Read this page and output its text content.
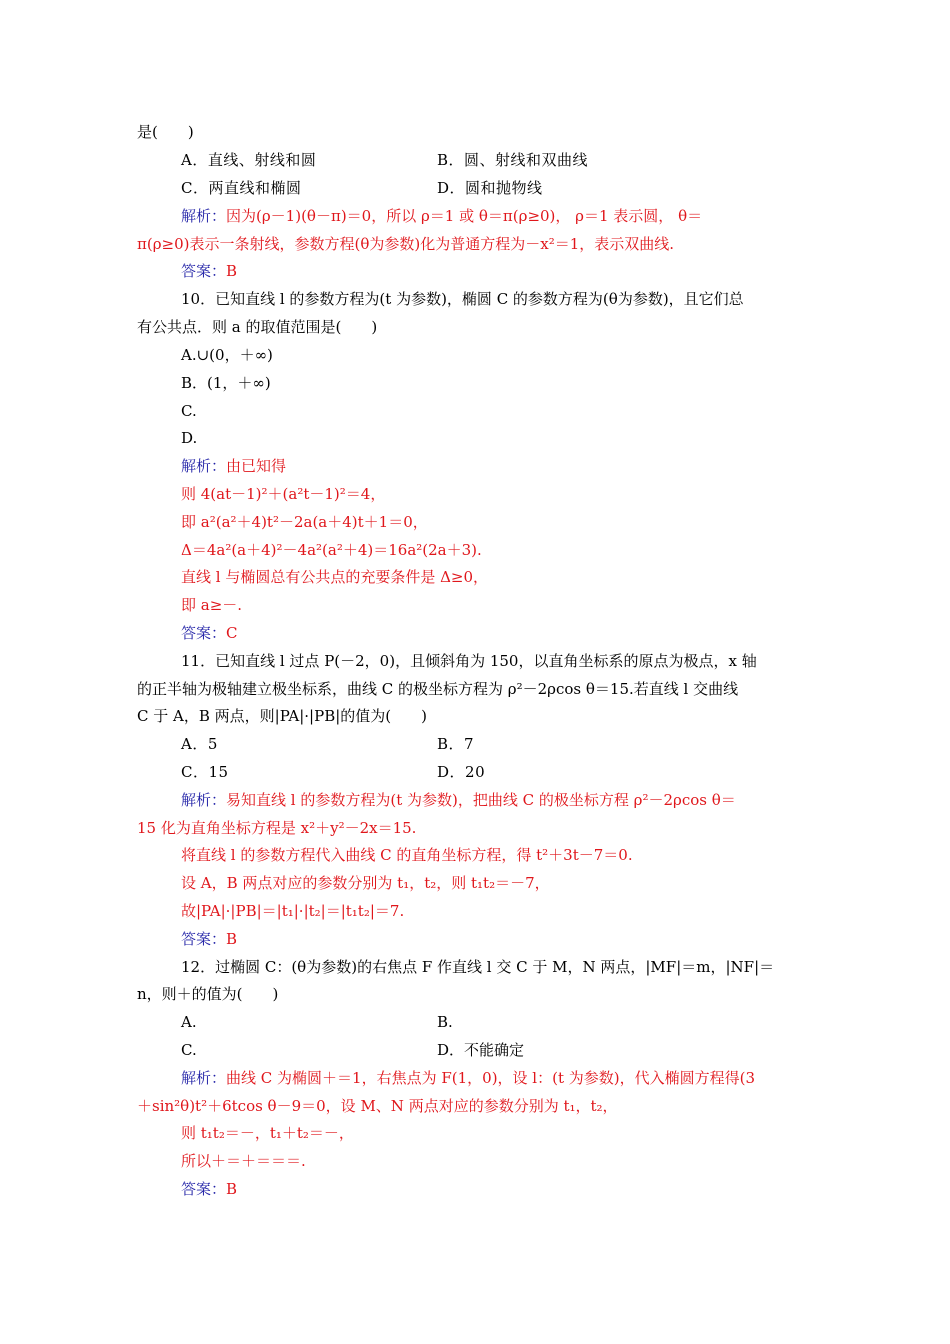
是(　　)
A．直线、射线和圆	B．圆、射线和双曲线
C．两直线和椭圆	D．圆和抛物线
解析：因为(ρ－1)(θ－π)＝0，所以 ρ＝1 或 θ＝π(ρ≥0)， ρ＝1 表示圆， θ＝
π(ρ≥0)表示一条射线，参数方程(θ为参数)化为普通方程为－x²＝1，表示双曲线.
答案：B
10．已知直线 l 的参数方程为(t 为参数)，椭圆 C 的参数方程为(θ为参数)，且它们总
有公共点．则 a 的取值范围是(　　)
A.∪(0，＋∞)
B．(1，＋∞)
C.
D.
解析：由已知得
则 4(at－1)²＋(a²t－1)²＝4，
即 a²(a²＋4)t²－2a(a＋4)t＋1＝0，
Δ＝4a²(a＋4)²－4a²(a²＋4)＝16a²(2a＋3).
直线 l 与椭圆总有公共点的充要条件是 Δ≥0，
即 a≥－.
答案：C
11．已知直线 l 过点 P(－2，0)，且倾斜角为 150，以直角坐标系的原点为极点，x 轴
的正半轴为极轴建立极坐标系，曲线 C 的极坐标方程为 ρ²－2ρcos θ＝15.若直线 l 交曲线
C 于 A，B 两点，则|PA|·|PB|的值为(　　)
A．5	B．7
C．15	D．20
解析：易知直线 l 的参数方程为(t 为参数)，把曲线 C 的极坐标方程 ρ²－2ρcos θ＝
15 化为直角坐标方程是 x²＋y²－2x＝15.
将直线 l 的参数方程代入曲线 C 的直角坐标方程，得 t²＋3t－7＝0.
设 A，B 两点对应的参数分别为 t₁，t₂，则 t₁t₂＝－7，
故|PA|·|PB|＝|t₁|·|t₂|＝|t₁t₂|＝7.
答案：B
12．过椭圆 C：(θ为参数)的右焦点 F 作直线 l 交 C 于 M，N 两点，|MF|＝m，|NF|＝
n，则＋的值为(　　)
A.	B.
C.	D．不能确定
解析：曲线 C 为椭圆＋＝1，右焦点为 F(1，0)，设 l：(t 为参数)，代入椭圆方程得(3
＋sin²θ)t²＋6tcos θ－9＝0，设 M、N 两点对应的参数分别为 t₁，t₂，
则 t₁t₂＝－，t₁＋t₂＝－，
所以＋＝＋＝＝＝.
答案：B
